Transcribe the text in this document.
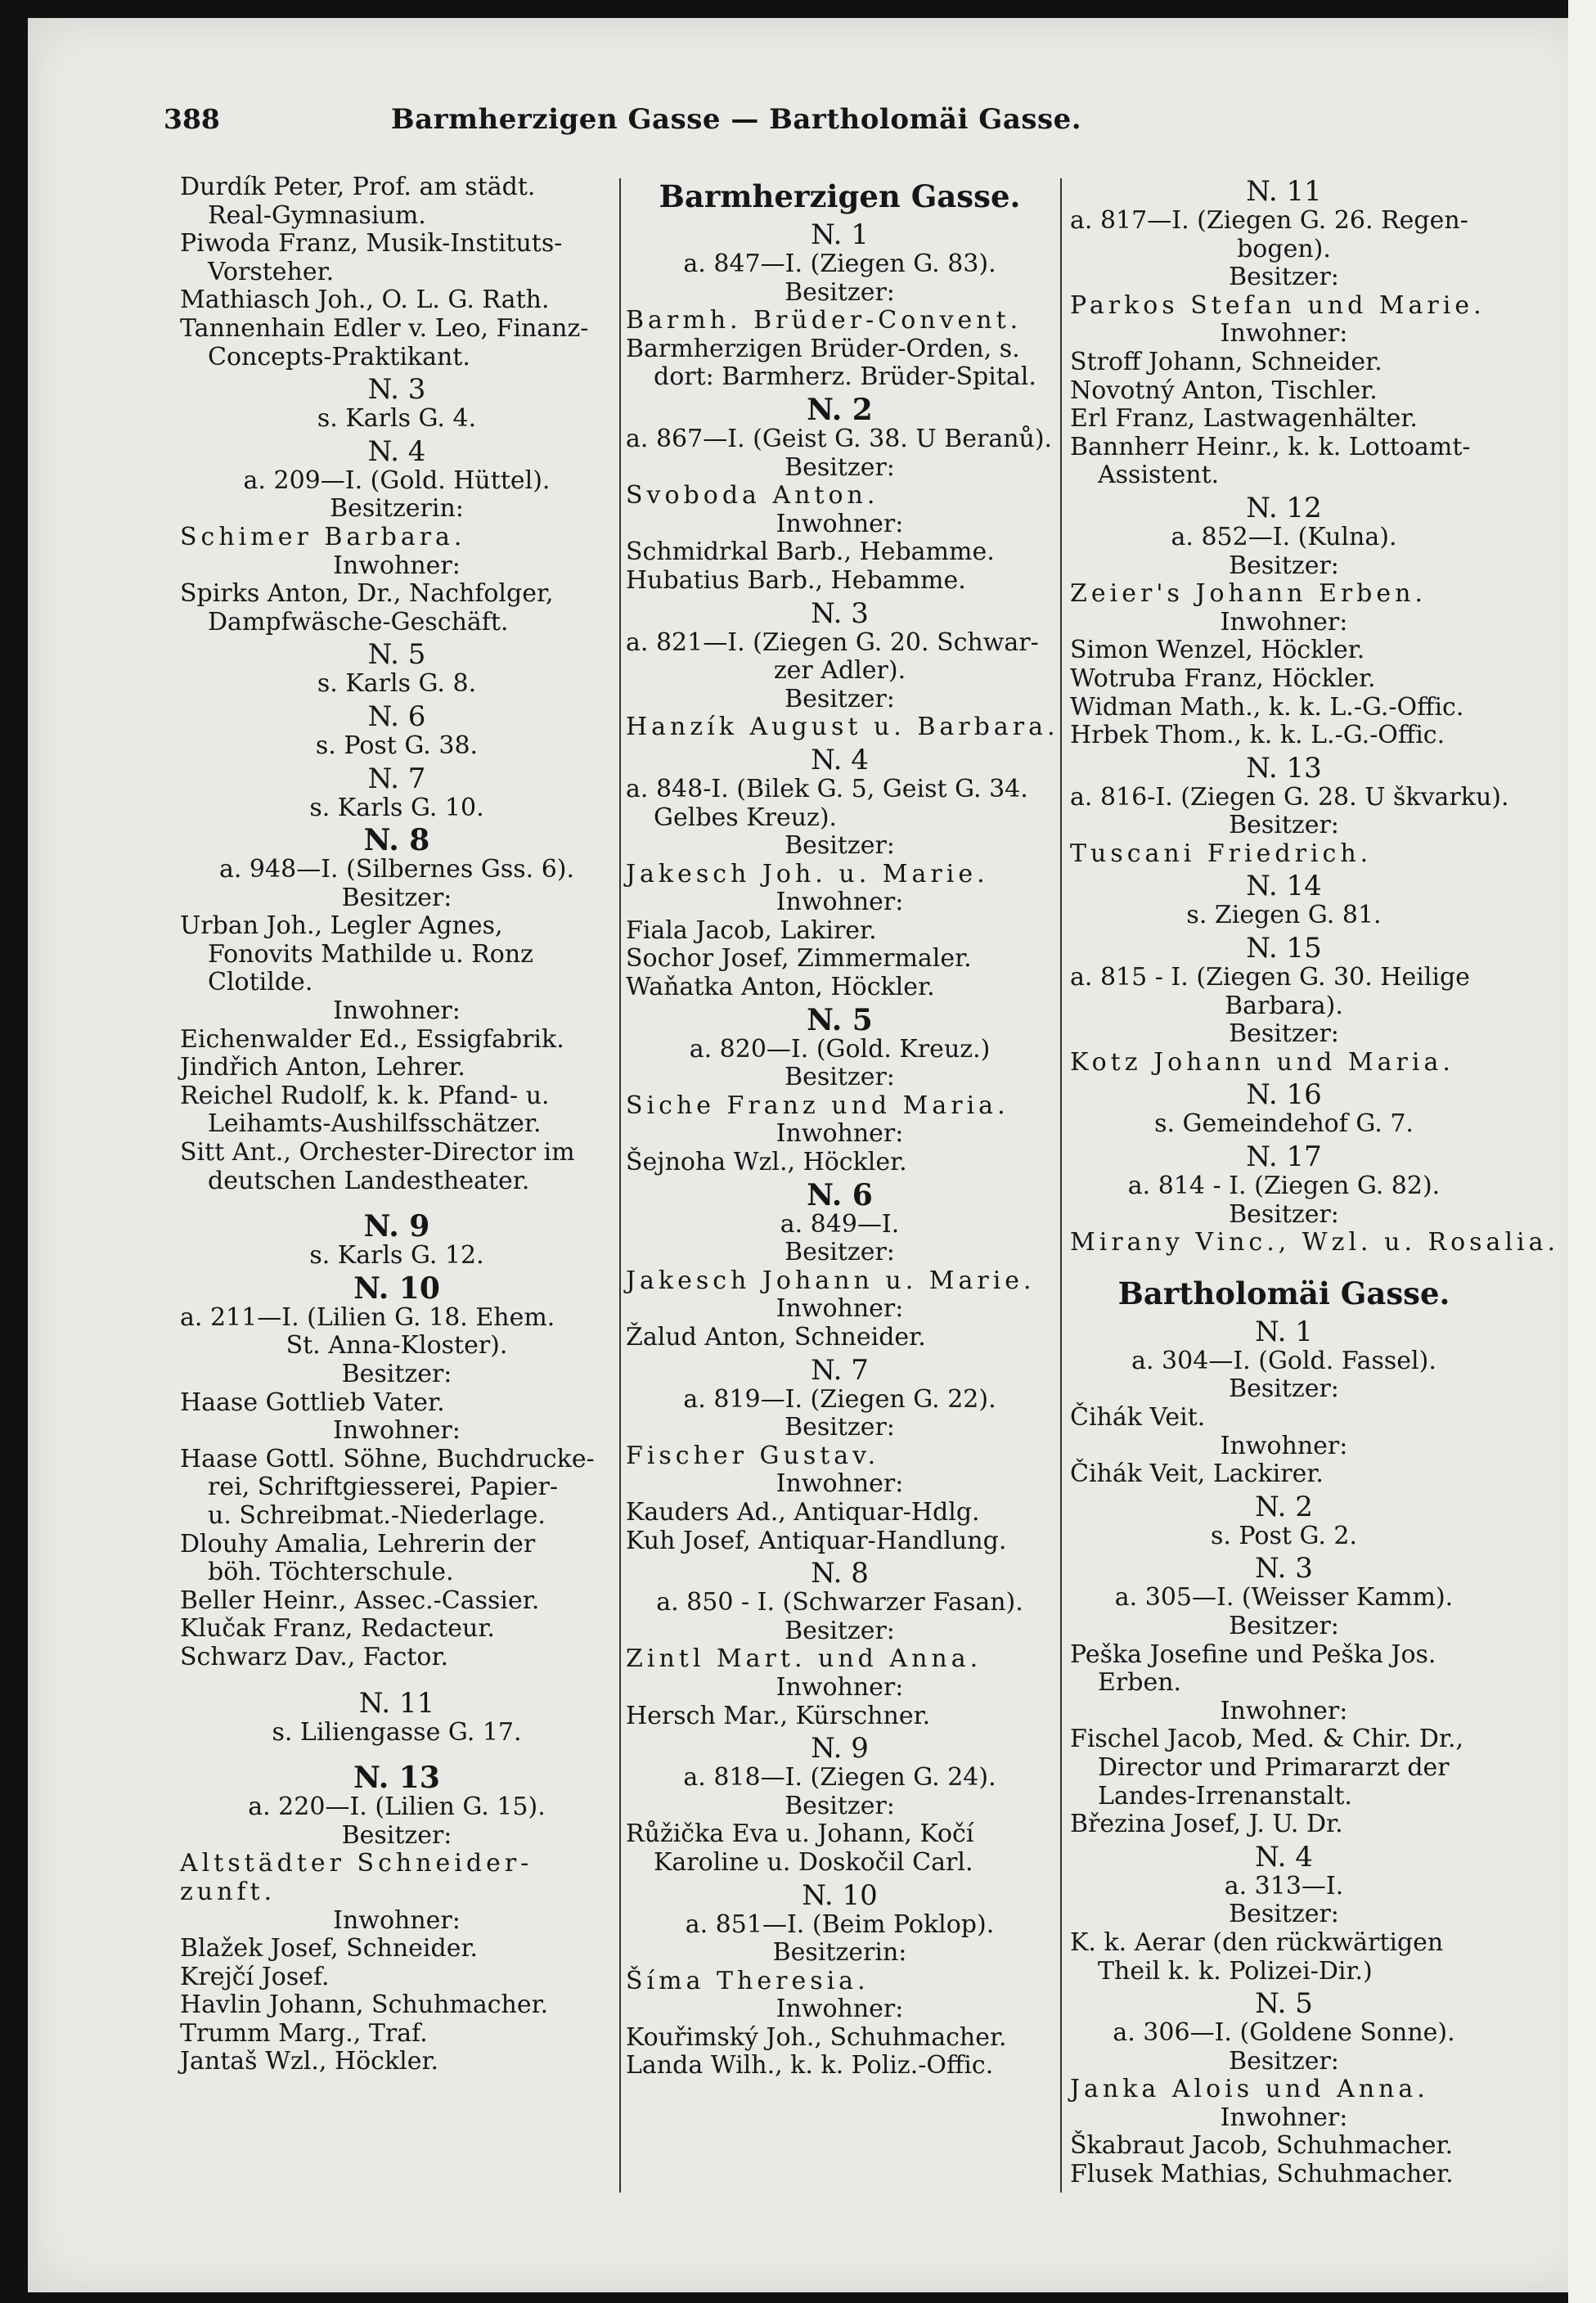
388	Barmherzigen Gasse — Bartholomäi Gasse.
Durdík Peter, Prof. am städt.
Real-Gymnasium.
Piwoda Franz, Musik-Instituts-
Vorsteher.
Mathiasch Joh., O. L. G. Rath.
Tannenhain Edler v. Leo, Finanz-
Concepts-Praktikant.
N. 3
s. Karls G. 4.
N. 4
a. 209—I. (Gold. Hüttel).
Besitzerin:
Schimer Barbara.
Inwohner:
Spirks Anton, Dr., Nachfolger,
Dampfwäsche-Geschäft.
N. 5
s. Karls G. 8.
N. 6
s. Post G. 38.
N. 7
s. Karls G. 10.
N. 8
a. 948—I. (Silbernes Gss. 6).
Besitzer:
Urban Joh., Legler Agnes,
Fonovits Mathilde u. Ronz
Clotilde.
Inwohner:
Eichenwalder Ed., Essigfabrik.
Jindřich Anton, Lehrer.
Reichel Rudolf, k. k. Pfand- u.
Leihamts-Aushilfsschätzer.
Sitt Ant., Orchester-Director im
deutschen Landestheater.
N. 9
s. Karls G. 12.
N. 10
a. 211—I. (Lilien G. 18. Ehem.
St. Anna-Kloster).
Besitzer:
Haase Gottlieb Vater.
Inwohner:
Haase Gottl. Söhne, Buchdrucke-
rei, Schriftgiesserei, Papier-
u. Schreibmat.-Niederlage.
Dlouhy Amalia, Lehrerin der
böh. Töchterschule.
Beller Heinr., Assec.-Cassier.
Klučak Franz, Redacteur.
Schwarz Dav., Factor.
N. 11
s. Liliengasse G. 17.
N. 13
a. 220—I. (Lilien G. 15).
Besitzer:
Altstädter Schneider-
zunft.
Inwohner:
Blažek Josef, Schneider.
Krejčí Josef.
Havlin Johann, Schuhmacher.
Trumm Marg., Traf.
Jantaš Wzl., Höckler.
Barmherzigen Gasse.
N. 1
a. 847—I. (Ziegen G. 83).
Besitzer:
Barmh. Brüder-Convent.
Barmherzigen Brüder-Orden, s.
dort: Barmherz. Brüder-Spital.
N. 2
a. 867—I. (Geist G. 38. U Beranů).
Besitzer:
Svoboda Anton.
Inwohner:
Schmidrkal Barb., Hebamme.
Hubatius Barb., Hebamme.
N. 3
a. 821—I. (Ziegen G. 20. Schwar-
zer Adler).
Besitzer:
Hanzík August u. Barbara.
N. 4
a. 848-I. (Bilek G. 5, Geist G. 34.
Gelbes Kreuz).
Besitzer:
Jakesch Joh. u. Marie.
Inwohner:
Fiala Jacob, Lakirer.
Sochor Josef, Zimmermaler.
Waňatka Anton, Höckler.
N. 5
a. 820—I. (Gold. Kreuz.)
Besitzer:
Siche Franz und Maria.
Inwohner:
Šejnoha Wzl., Höckler.
N. 6
a. 849—I.
Besitzer:
Jakesch Johann u. Marie.
Inwohner:
Žalud Anton, Schneider.
N. 7
a. 819—I. (Ziegen G. 22).
Besitzer:
Fischer Gustav.
Inwohner:
Kauders Ad., Antiquar-Hdlg.
Kuh Josef, Antiquar-Handlung.
N. 8
a. 850 - I. (Schwarzer Fasan).
Besitzer:
Zintl Mart. und Anna.
Inwohner:
Hersch Mar., Kürschner.
N. 9
a. 818—I. (Ziegen G. 24).
Besitzer:
Růžička Eva u. Johann, Kočí
Karoline u. Doskočil Carl.
N. 10
a. 851—I. (Beim Poklop).
Besitzerin:
Šíma Theresia.
Inwohner:
Kouřimský Joh., Schuhmacher.
Landa Wilh., k. k. Poliz.-Offic.
N. 11
a. 817—I. (Ziegen G. 26. Regen-
bogen).
Besitzer:
Parkos Stefan und Marie.
Inwohner:
Stroff Johann, Schneider.
Novotný Anton, Tischler.
Erl Franz, Lastwagenhälter.
Bannherr Heinr., k. k. Lottoamt-
Assistent.
N. 12
a. 852—I. (Kulna).
Besitzer:
Zeier's Johann Erben.
Inwohner:
Simon Wenzel, Höckler.
Wotruba Franz, Höckler.
Widman Math., k. k. L.-G.-Offic.
Hrbek Thom., k. k. L.-G.-Offic.
N. 13
a. 816-I. (Ziegen G. 28. U škvarku).
Besitzer:
Tuscani Friedrich.
N. 14
s. Ziegen G. 81.
N. 15
a. 815 - I. (Ziegen G. 30. Heilige
Barbara).
Besitzer:
Kotz Johann und Maria.
N. 16
s. Gemeindehof G. 7.
N. 17
a. 814 - I. (Ziegen G. 82).
Besitzer:
Mirany Vinc., Wzl. u. Rosalia.
Bartholomäi Gasse.
N. 1
a. 304—I. (Gold. Fassel).
Besitzer:
Čihák Veit.
Inwohner:
Čihák Veit, Lackirer.
N. 2
s. Post G. 2.
N. 3
a. 305—I. (Weisser Kamm).
Besitzer:
Peška Josefine und Peška Jos.
Erben.
Inwohner:
Fischel Jacob, Med. & Chir. Dr.,
Director und Primararzt der
Landes-Irrenanstalt.
Březina Josef, J. U. Dr.
N. 4
a. 313—I.
Besitzer:
K. k. Aerar (den rückwärtigen
Theil k. k. Polizei-Dir.)
N. 5
a. 306—I. (Goldene Sonne).
Besitzer:
Janka Alois und Anna.
Inwohner:
Škabraut Jacob, Schuhmacher.
Flusek Mathias, Schuhmacher.
